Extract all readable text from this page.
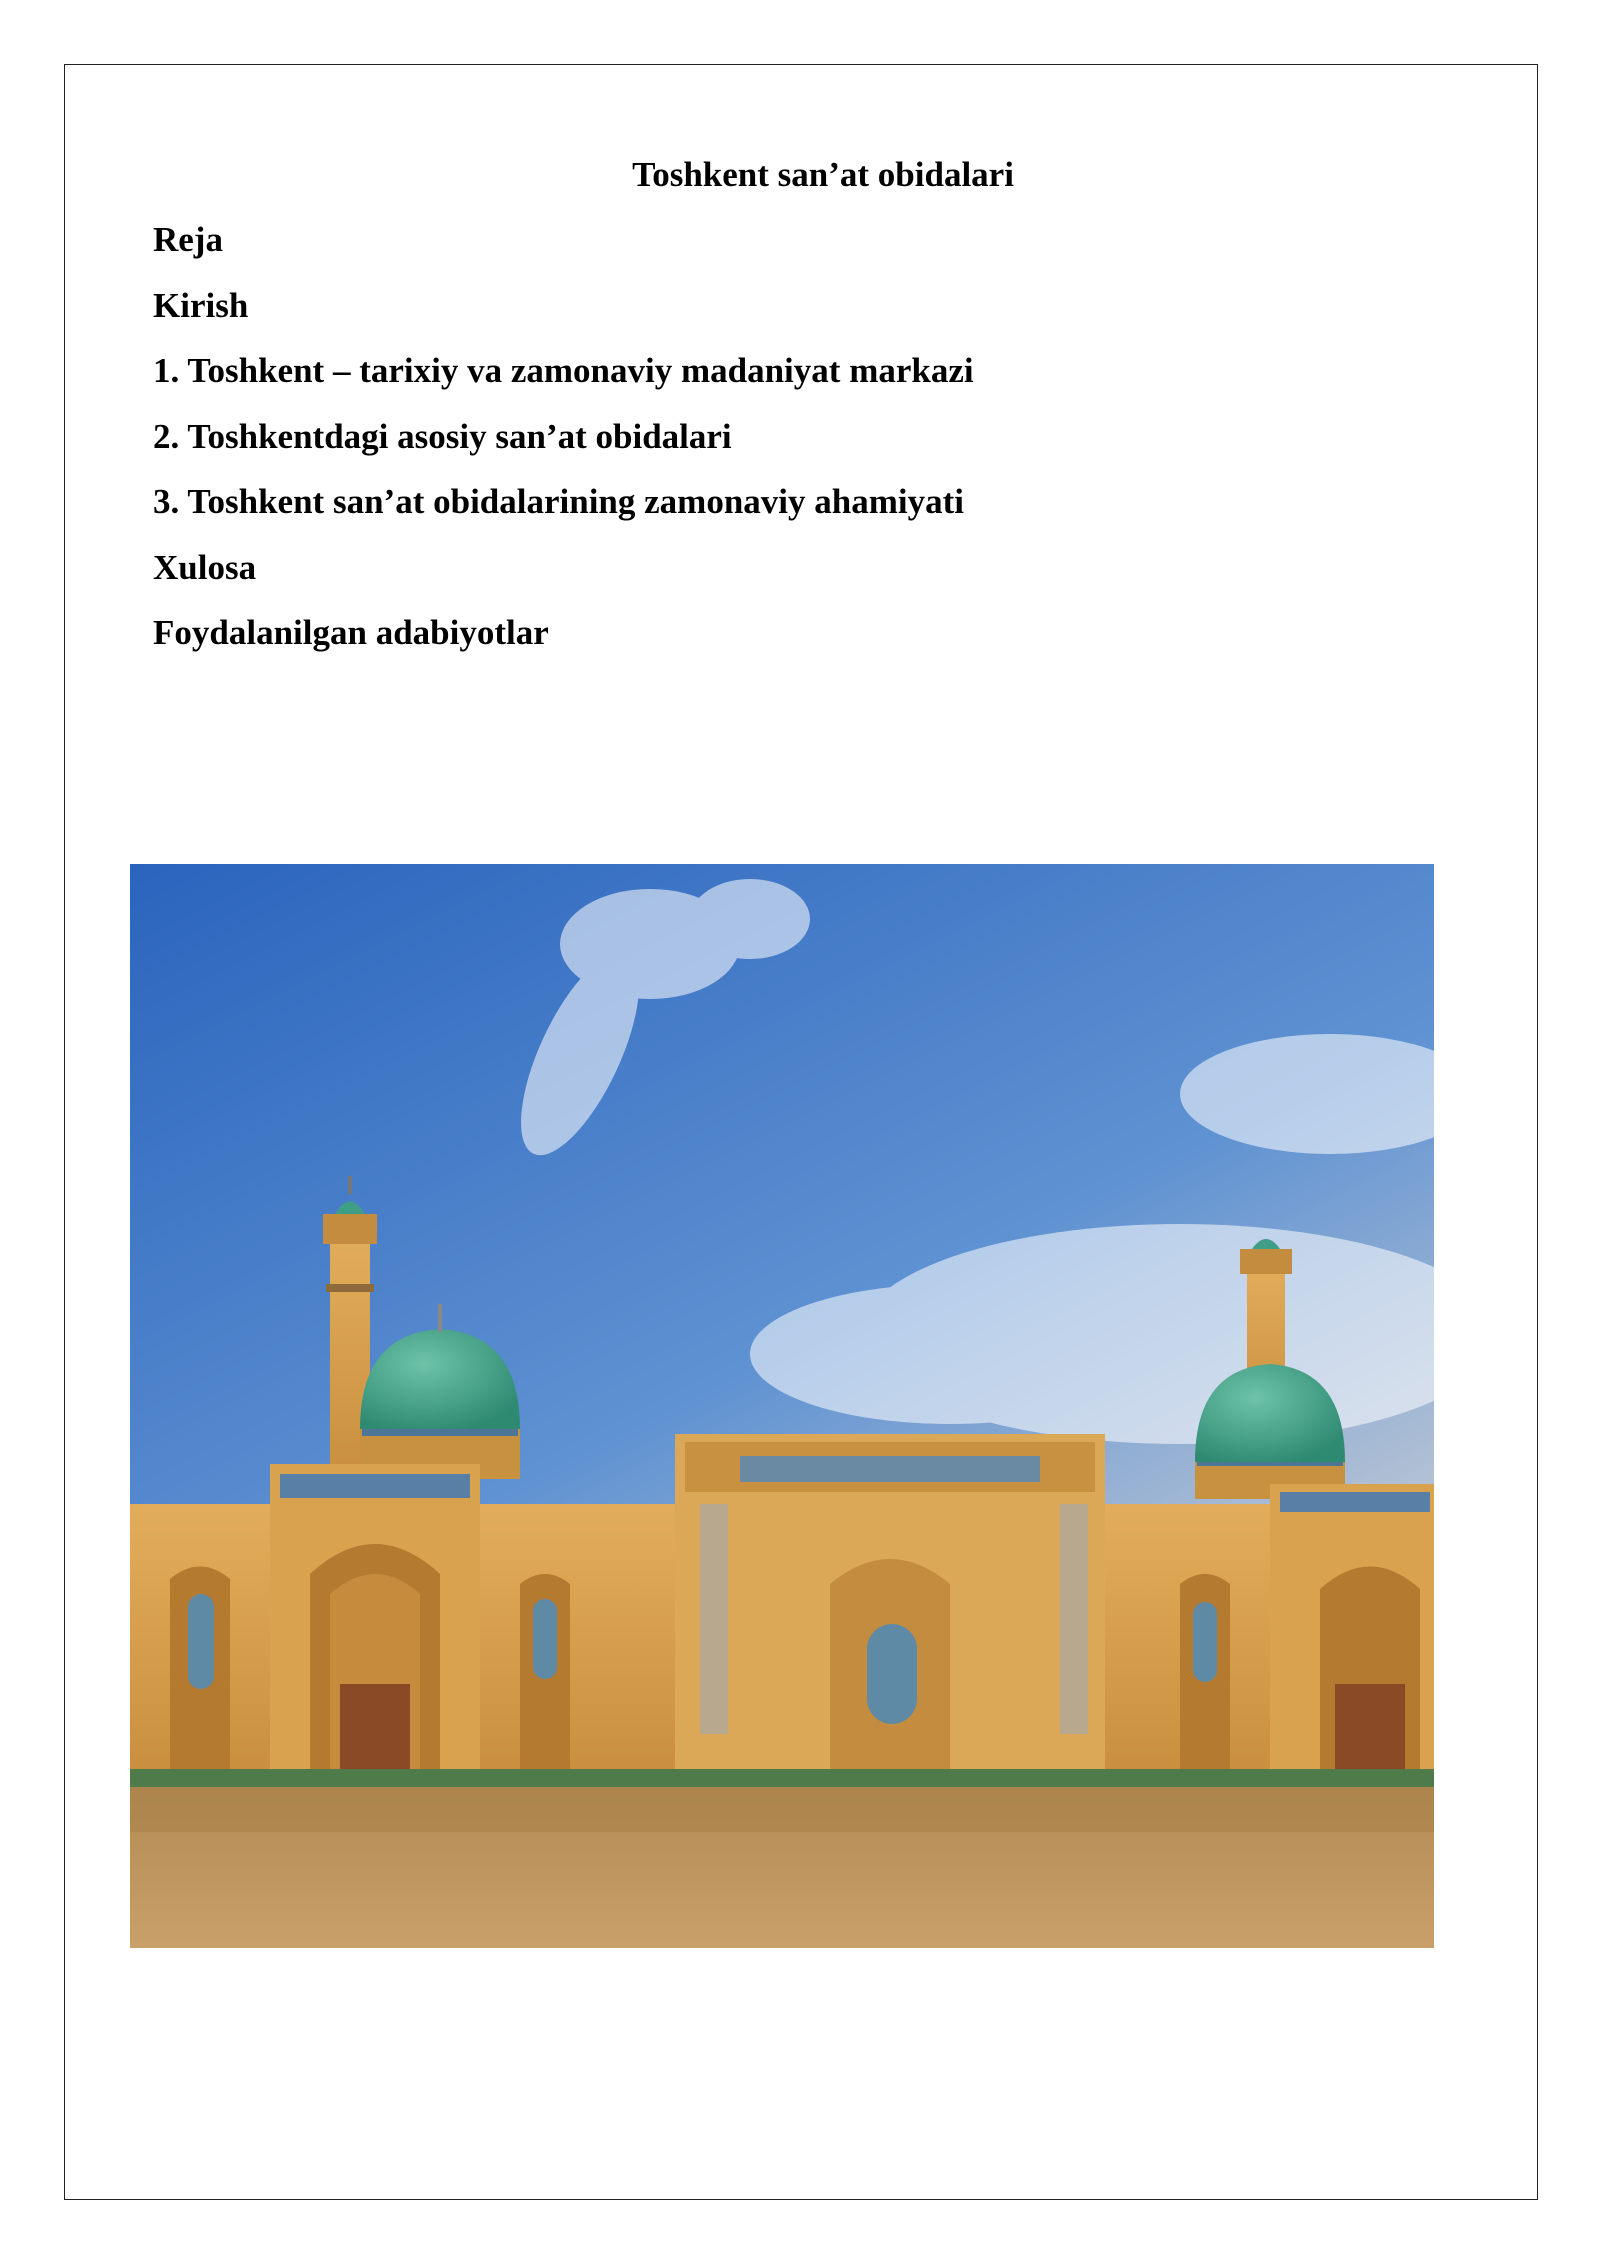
Toshkent san’at obidalari
Reja
Kirish
1. Toshkent – tarixiy va zamonaviy madaniyat markazi
2. Toshkentdagi asosiy san’at obidalari
3. Toshkent san’at obidalarining zamonaviy ahamiyati
Xulosa
Foydalanilgan adabiyotlar
